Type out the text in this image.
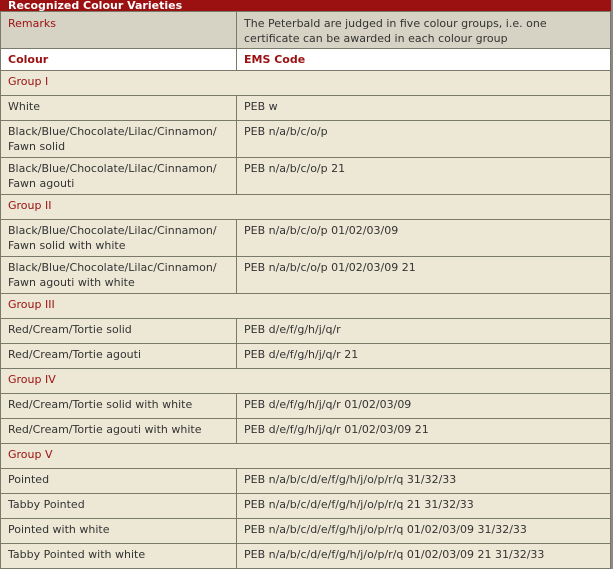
Recognized Colour Varieties
Remarks	The Peterbald are judged in five colour groups, i.e. one certificate can be awarded in each colour group
Colour	EMS Code
Group I	
White	PEB w
Black/Blue/Chocolate/Lilac/Cinnamon/ Fawn solid	PEB n/a/b/c/o/p
Black/Blue/Chocolate/Lilac/Cinnamon/ Fawn agouti	PEB n/a/b/c/o/p 21
Group II	
Black/Blue/Chocolate/Lilac/Cinnamon/ Fawn solid with white	PEB n/a/b/c/o/p 01/02/03/09
Black/Blue/Chocolate/Lilac/Cinnamon/ Fawn agouti with white	PEB n/a/b/c/o/p 01/02/03/09 21
Group III	
Red/Cream/Tortie solid	PEB d/e/f/g/h/j/q/r
Red/Cream/Tortie agouti	PEB d/e/f/g/h/j/q/r 21
Group IV	
Red/Cream/Tortie solid with white	PEB d/e/f/g/h/j/q/r 01/02/03/09
Red/Cream/Tortie agouti with white	PEB d/e/f/g/h/j/q/r 01/02/03/09 21
Group V	
Pointed	PEB n/a/b/c/d/e/f/g/h/j/o/p/r/q 31/32/33
Tabby Pointed	PEB n/a/b/c/d/e/f/g/h/j/o/p/r/q 21 31/32/33
Pointed with white	PEB n/a/b/c/d/e/f/g/h/j/o/p/r/q 01/02/03/09 31/32/33
Tabby Pointed with white	PEB n/a/b/c/d/e/f/g/h/j/o/p/r/q 01/02/03/09 21 31/32/33
